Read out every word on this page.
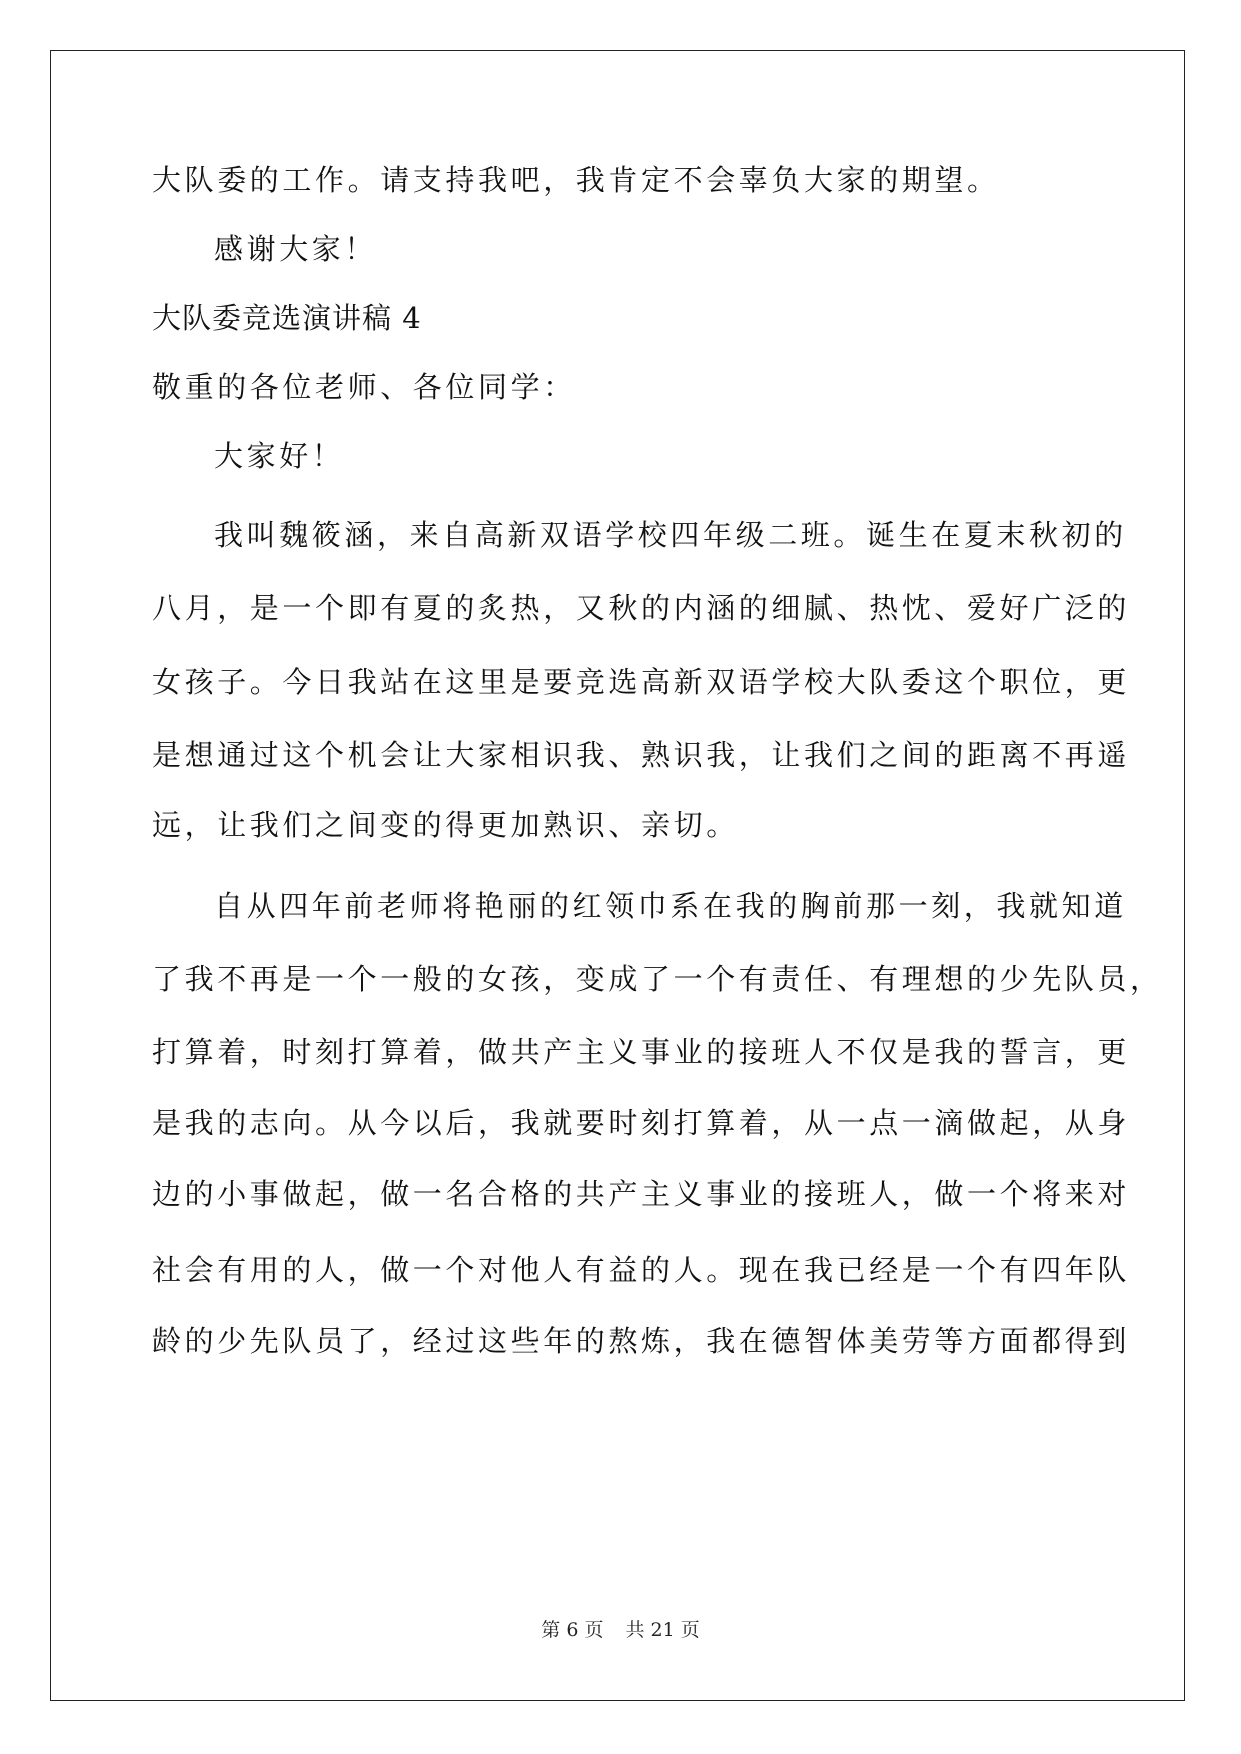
大队委的工作。请支持我吧，我肯定不会辜负大家的期望。
感谢大家！
大队委竞选演讲稿 4
敬重的各位老师、各位同学：
大家好！
我叫魏筱涵，来自高新双语学校四年级二班。诞生在夏末秋初的
八月，是一个即有夏的炙热，又秋的内涵的细腻、热忱、爱好广泛的
女孩子。今日我站在这里是要竞选高新双语学校大队委这个职位，更
是想通过这个机会让大家相识我、熟识我，让我们之间的距离不再遥
远，让我们之间变的得更加熟识、亲切。
自从四年前老师将艳丽的红领巾系在我的胸前那一刻，我就知道
了我不再是一个一般的女孩，变成了一个有责任、有理想的少先队员，
打算着，时刻打算着，做共产主义事业的接班人不仅是我的誓言，更
是我的志向。从今以后，我就要时刻打算着，从一点一滴做起，从身
边的小事做起，做一名合格的共产主义事业的接班人，做一个将来对
社会有用的人，做一个对他人有益的人。现在我已经是一个有四年队
龄的少先队员了，经过这些年的熬炼，我在德智体美劳等方面都得到
第 6 页 共 21 页
